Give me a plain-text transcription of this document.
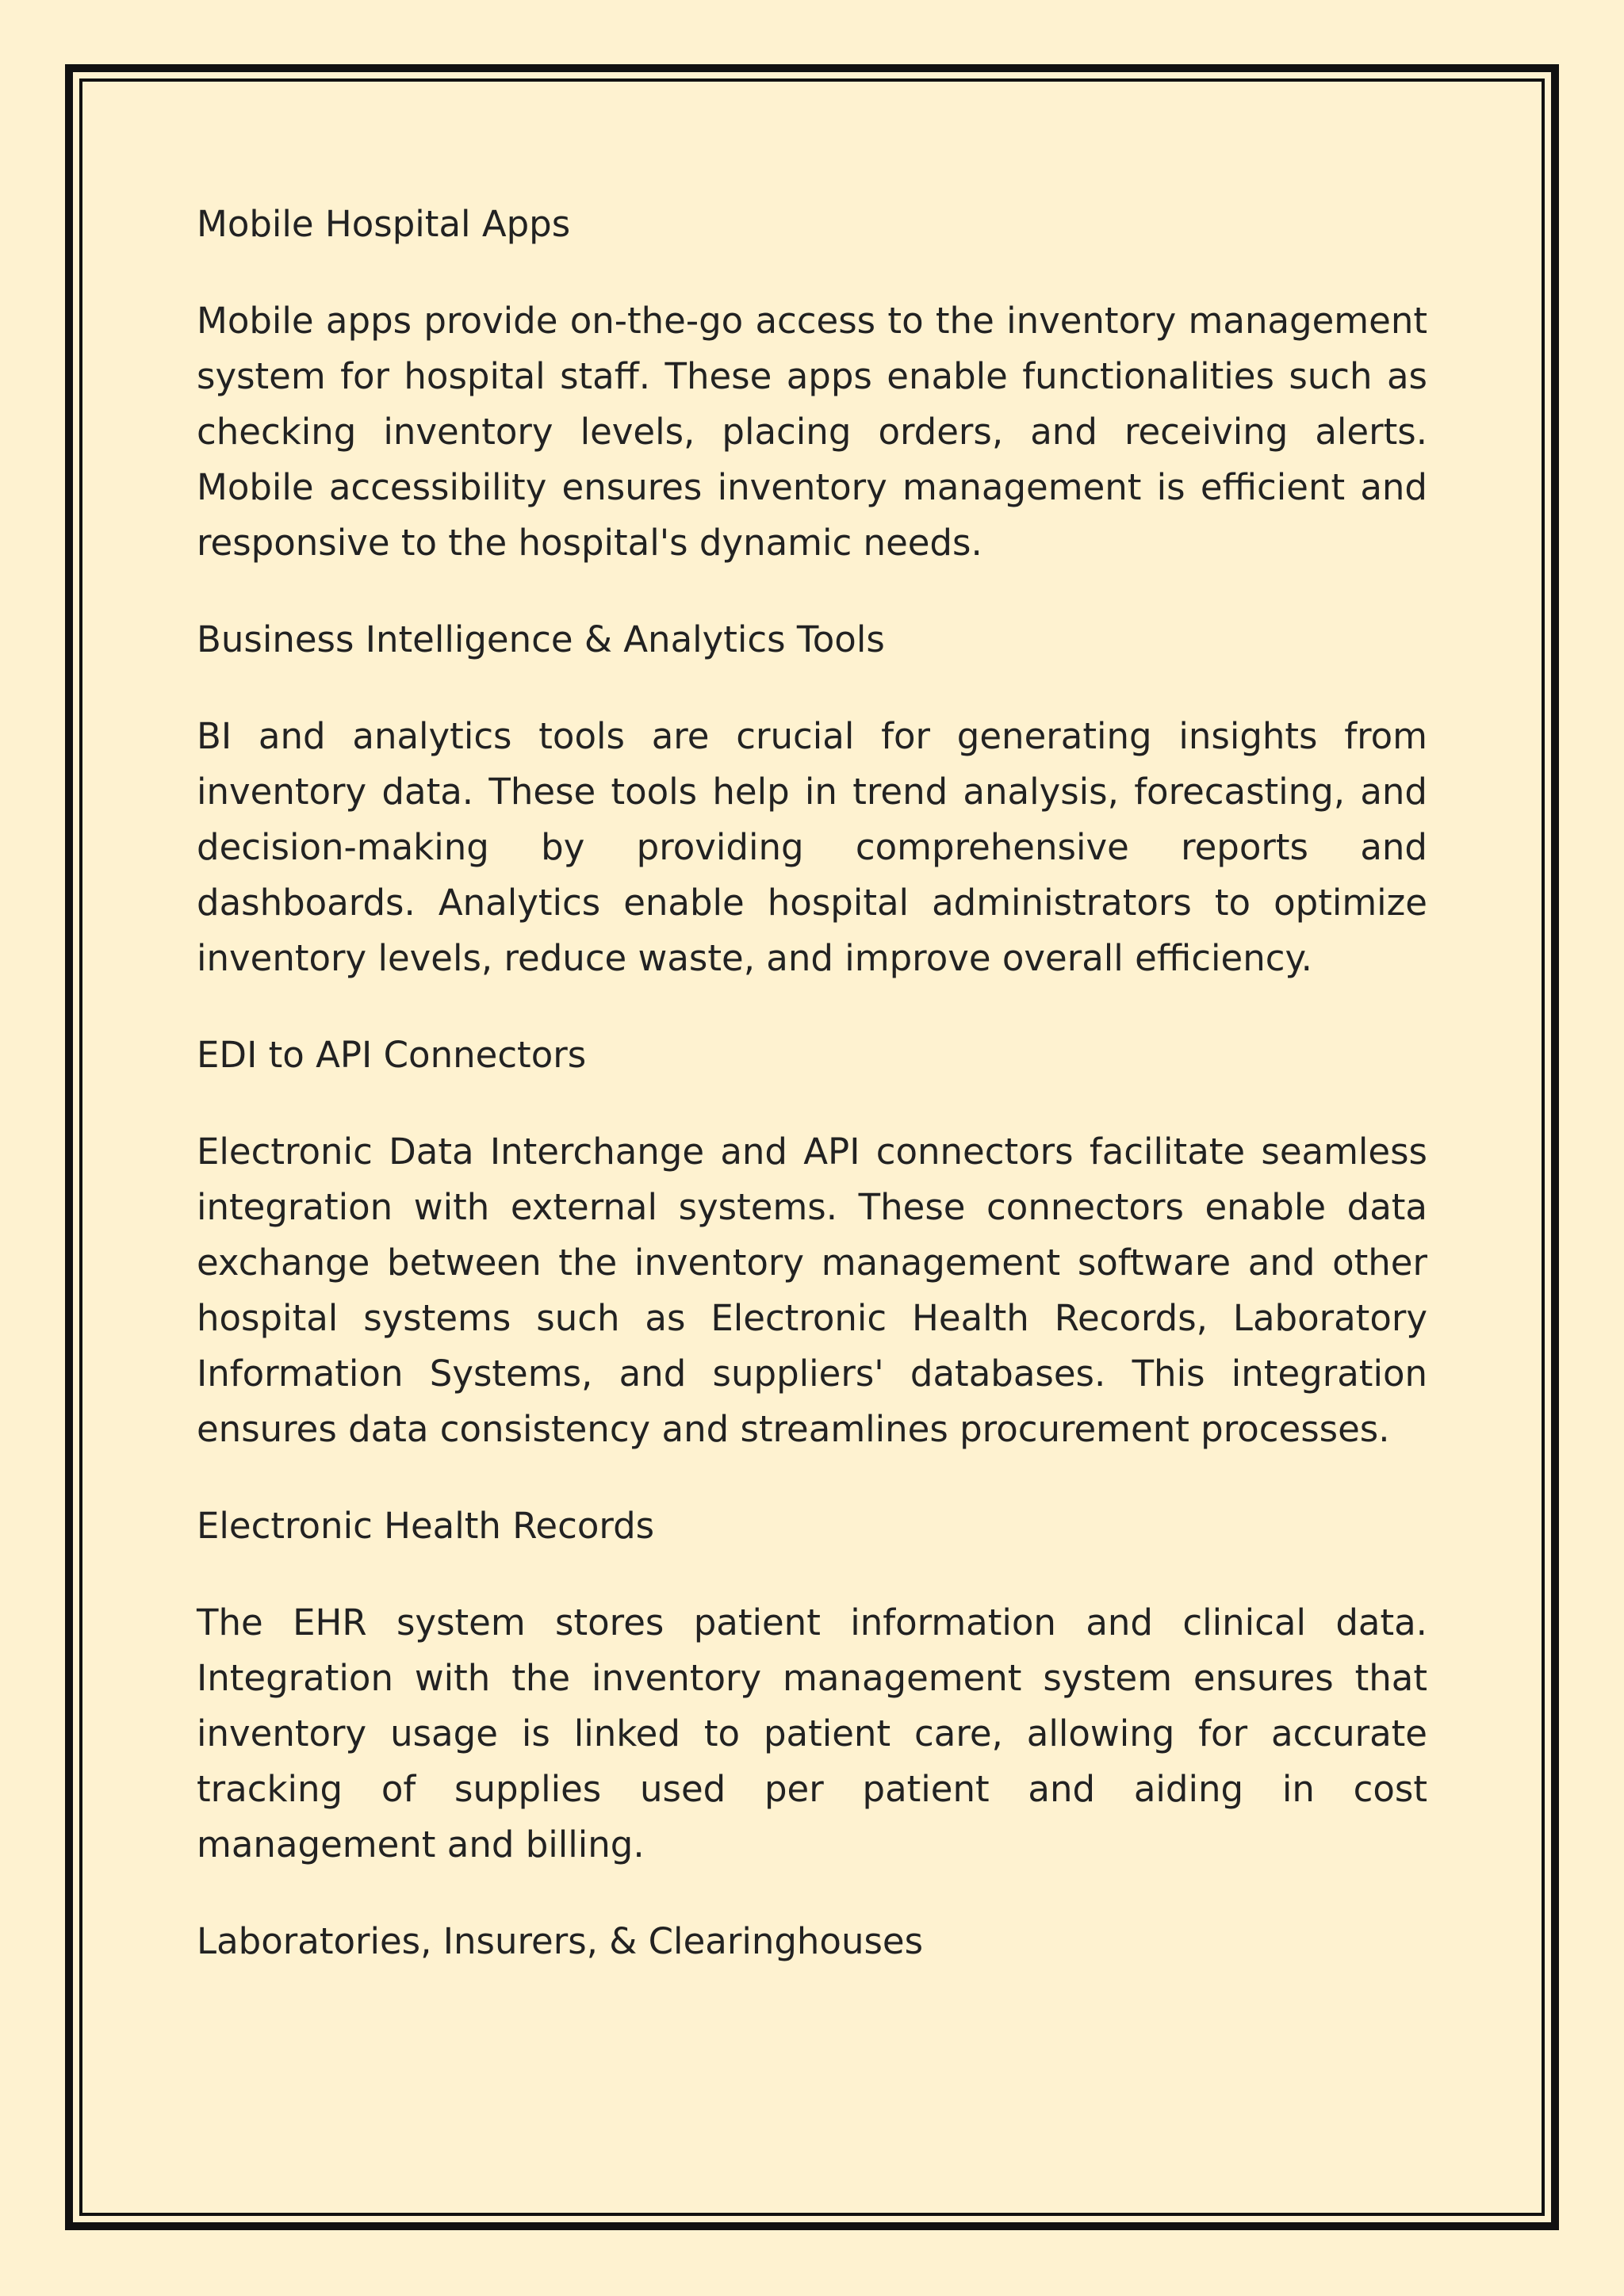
Mobile Hospital Apps

Mobile apps provide on-the-go access to the inventory management system for hospital staff. These apps enable functionalities such as checking inventory levels, placing orders, and receiving alerts. Mobile accessibility ensures inventory management is efficient and responsive to the hospital's dynamic needs.

Business Intelligence & Analytics Tools

BI and analytics tools are crucial for generating insights from inventory data. These tools help in trend analysis, forecasting, and decision-making by providing comprehensive reports and dashboards. Analytics enable hospital administrators to optimize inventory levels, reduce waste, and improve overall efficiency.

EDI to API Connectors

Electronic Data Interchange and API connectors facilitate seamless integration with external systems. These connectors enable data exchange between the inventory management software and other hospital systems such as Electronic Health Records, Laboratory Information Systems, and suppliers' databases. This integration ensures data consistency and streamlines procurement processes.

Electronic Health Records

The EHR system stores patient information and clinical data. Integration with the inventory management system ensures that inventory usage is linked to patient care, allowing for accurate tracking of supplies used per patient and aiding in cost management and billing.

Laboratories, Insurers, & Clearinghouses
